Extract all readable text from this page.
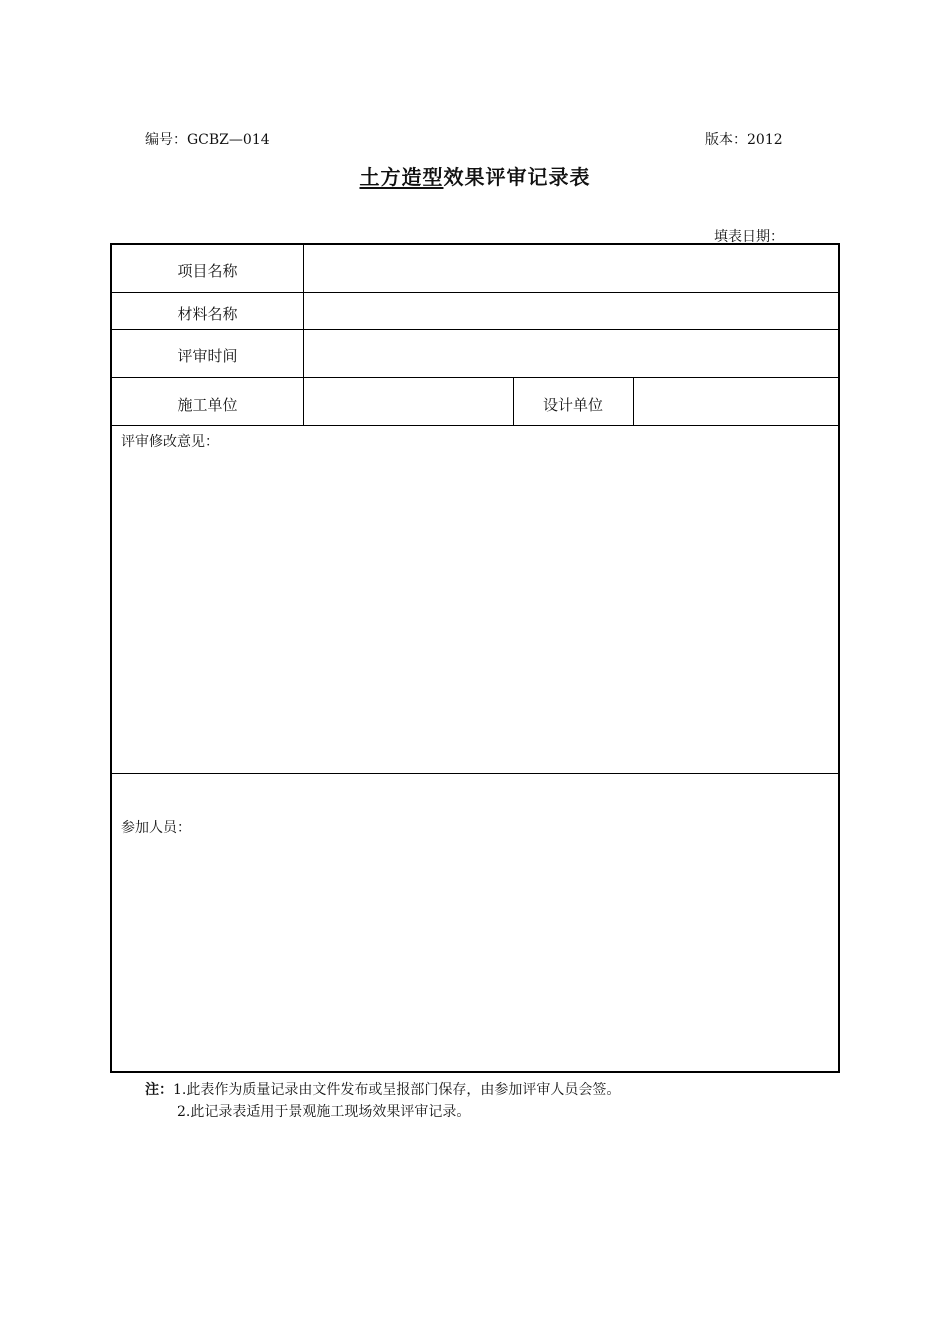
编号：GCBZ—014	版本：2012
土方造型效果评审记录表
填表日期：
项目名称
材料名称
评审时间
施工单位	设计单位
评审修改意见：
参加人员：
注：1.此表作为质量记录由文件发布或呈报部门保存，由参加评审人员会签。
2.此记录表适用于景观施工现场效果评审记录。
